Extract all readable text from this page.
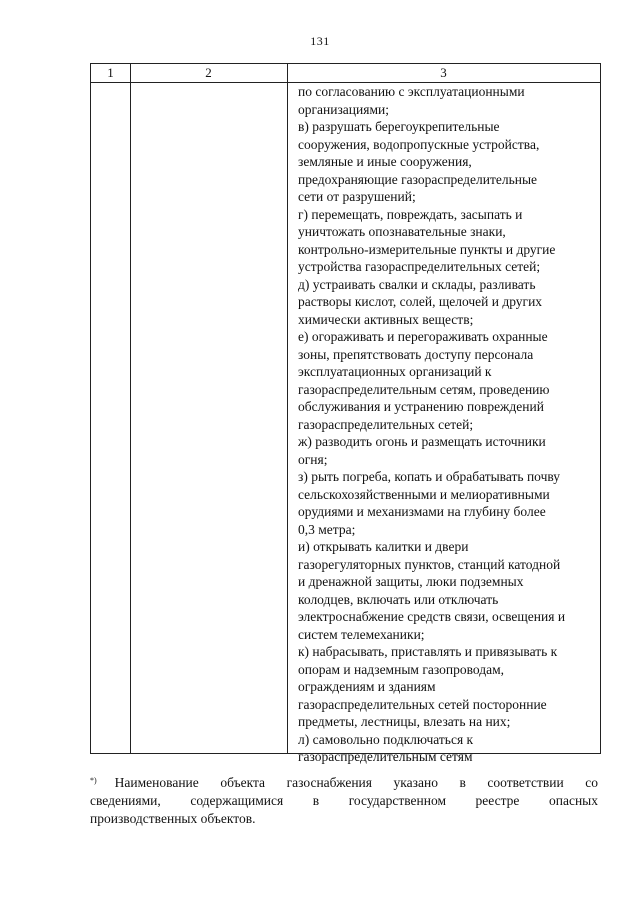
131
1	2	3
по согласованию с эксплуатационными
организациями;
в) разрушать берегоукрепительные
сооружения, водопропускные устройства,
земляные и иные сооружения,
предохраняющие газораспределительные
сети от разрушений;
г) перемещать, повреждать, засыпать и
уничтожать опознавательные знаки,
контрольно-измерительные пункты и другие
устройства газораспределительных сетей;
д) устраивать свалки и склады, разливать
растворы кислот, солей, щелочей и других
химически активных веществ;
е) огораживать и перегораживать охранные
зоны, препятствовать доступу персонала
эксплуатационных организаций к
газораспределительным сетям, проведению
обслуживания и устранению повреждений
газораспределительных сетей;
ж) разводить огонь и размещать источники
огня;
з) рыть погреба, копать и обрабатывать почву
сельскохозяйственными и мелиоративными
орудиями и механизмами на глубину более
0,3 метра;
и) открывать калитки и двери
газорегуляторных пунктов, станций катодной
и дренажной защиты, люки подземных
колодцев, включать или отключать
электроснабжение средств связи, освещения и
систем телемеханики;
к) набрасывать, приставлять и привязывать к
опорам и надземным газопроводам,
ограждениям и зданиям
газораспределительных сетей посторонние
предметы, лестницы, влезать на них;
л) самовольно подключаться к
газораспределительным сетям
*) Наименование объекта газоснабжения указано в соответствии со
сведениями, содержащимися в государственном реестре опасных
производственных объектов.
